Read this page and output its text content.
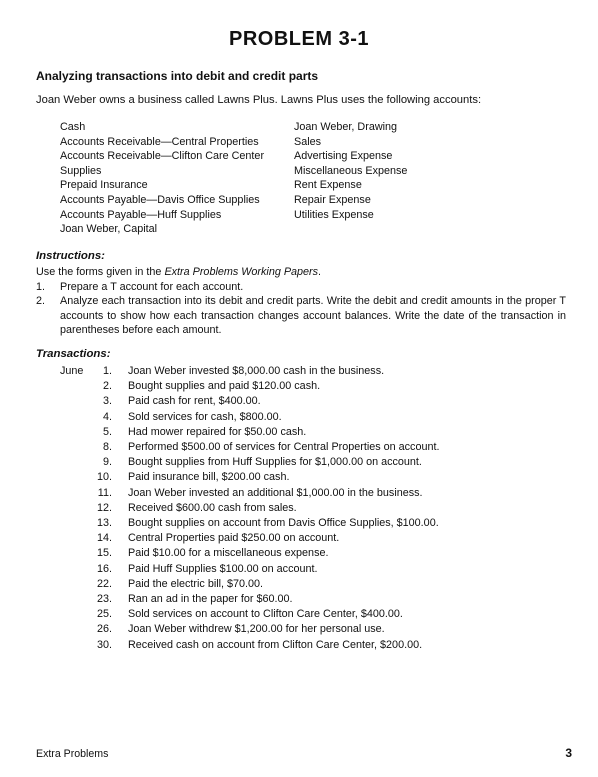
PROBLEM 3-1
Analyzing transactions into debit and credit parts
Joan Weber owns a business called Lawns Plus. Lawns Plus uses the following accounts:
Cash
Accounts Receivable—Central Properties
Accounts Receivable—Clifton Care Center
Supplies
Prepaid Insurance
Accounts Payable—Davis Office Supplies
Accounts Payable—Huff Supplies
Joan Weber, Capital
Joan Weber, Drawing
Sales
Advertising Expense
Miscellaneous Expense
Rent Expense
Repair Expense
Utilities Expense
Instructions:
Use the forms given in the Extra Problems Working Papers.
1.	Prepare a T account for each account.
2.	Analyze each transaction into its debit and credit parts. Write the debit and credit amounts in the proper T accounts to show how each transaction changes account balances. Write the date of the transaction in parentheses before each amount.
Transactions:
June	1.	Joan Weber invested $8,000.00 cash in the business.
2.	Bought supplies and paid $120.00 cash.
3.	Paid cash for rent, $400.00.
4.	Sold services for cash, $800.00.
5.	Had mower repaired for $50.00 cash.
8.	Performed $500.00 of services for Central Properties on account.
9.	Bought supplies from Huff Supplies for $1,000.00 on account.
10.	Paid insurance bill, $200.00 cash.
11.	Joan Weber invested an additional $1,000.00 in the business.
12.	Received $600.00 cash from sales.
13.	Bought supplies on account from Davis Office Supplies, $100.00.
14.	Central Properties paid $250.00 on account.
15.	Paid $10.00 for a miscellaneous expense.
16.	Paid Huff Supplies $100.00 on account.
22.	Paid the electric bill, $70.00.
23.	Ran an ad in the paper for $60.00.
25.	Sold services on account to Clifton Care Center, $400.00.
26.	Joan Weber withdrew $1,200.00 for her personal use.
30.	Received cash on account from Clifton Care Center, $200.00.
Extra Problems	3
